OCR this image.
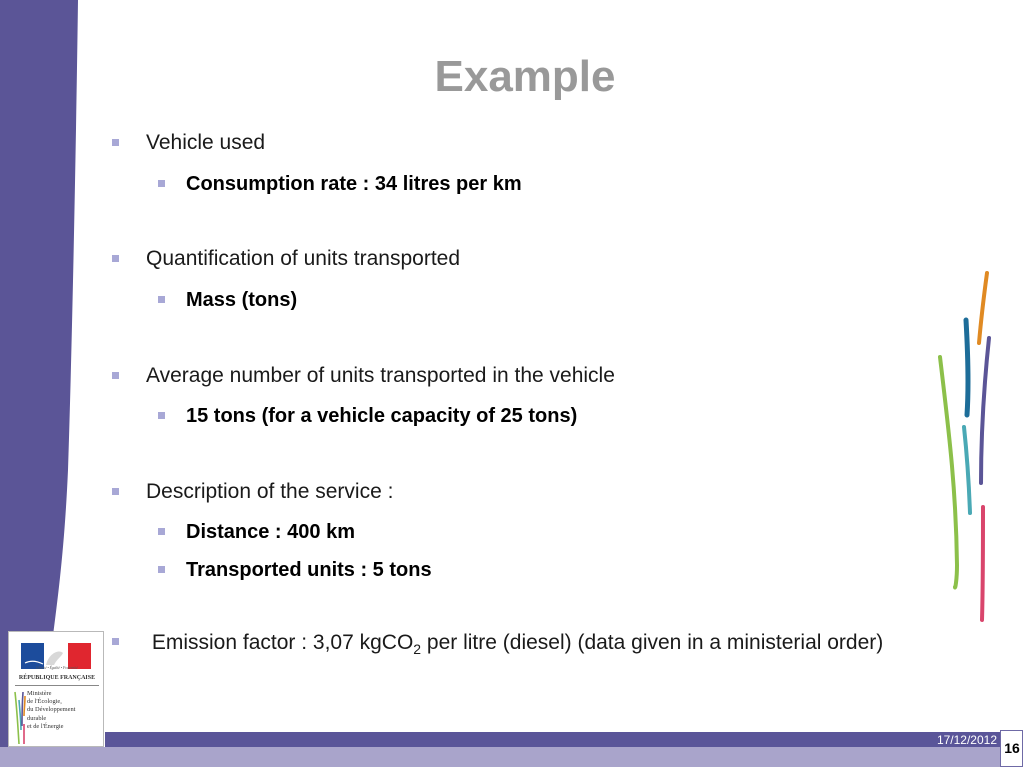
Example
Vehicle used
Consumption rate : 34 litres per km
Quantification of units transported
Mass (tons)
Average number of units transported in the vehicle
15 tons (for a vehicle capacity of 25 tons)
Description of the service :
Distance : 400 km
Transported units : 5 tons
Emission factor : 3,07 kgCO$_2$ per litre (diesel) (data given in a ministerial order)
Liberté • Égalité • Fraternité
RÉPUBLIQUE FRANÇAISE
Ministère
de l'Écologie,
du Développement
durable
et de l'Énergie
17/12/2012 16
